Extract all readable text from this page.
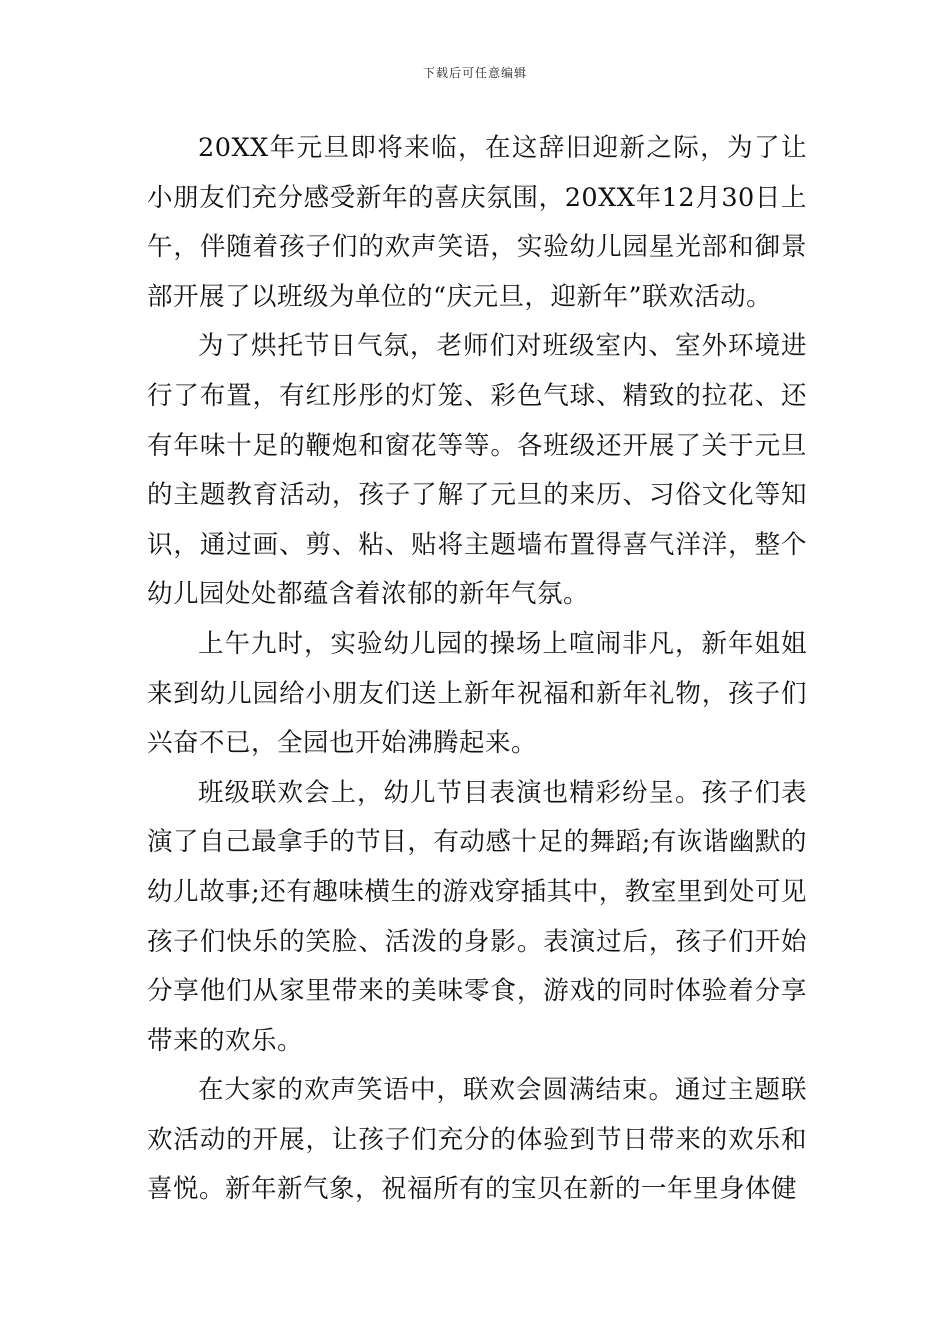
下载后可任意编辑

20XX年元旦即将来临，在这辞旧迎新之际，为了让小朋友们充分感受新年的喜庆氛围，20XX年12月30日上午，伴随着孩子们的欢声笑语，实验幼儿园星光部和御景部开展了以班级为单位的“庆元旦，迎新年”联欢活动。

为了烘托节日气氛，老师们对班级室内、室外环境进行了布置，有红彤彤的灯笼、彩色气球、精致的拉花、还有年味十足的鞭炮和窗花等等。各班级还开展了关于元旦的主题教育活动，孩子了解了元旦的来历、习俗文化等知识，通过画、剪、粘、贴将主题墙布置得喜气洋洋，整个幼儿园处处都蕴含着浓郁的新年气氛。

上午九时，实验幼儿园的操场上喧闹非凡，新年姐姐来到幼儿园给小朋友们送上新年祝福和新年礼物，孩子们兴奋不已，全园也开始沸腾起来。

班级联欢会上，幼儿节目表演也精彩纷呈。孩子们表演了自己最拿手的节目，有动感十足的舞蹈;有诙谐幽默的幼儿故事;还有趣味横生的游戏穿插其中，教室里到处可见孩子们快乐的笑脸、活泼的身影。表演过后，孩子们开始分享他们从家里带来的美味零食，游戏的同时体验着分享带来的欢乐。

在大家的欢声笑语中，联欢会圆满结束。通过主题联欢活动的开展，让孩子们充分的体验到节日带来的欢乐和喜悦。新年新气象，祝福所有的宝贝在新的一年里身体健
